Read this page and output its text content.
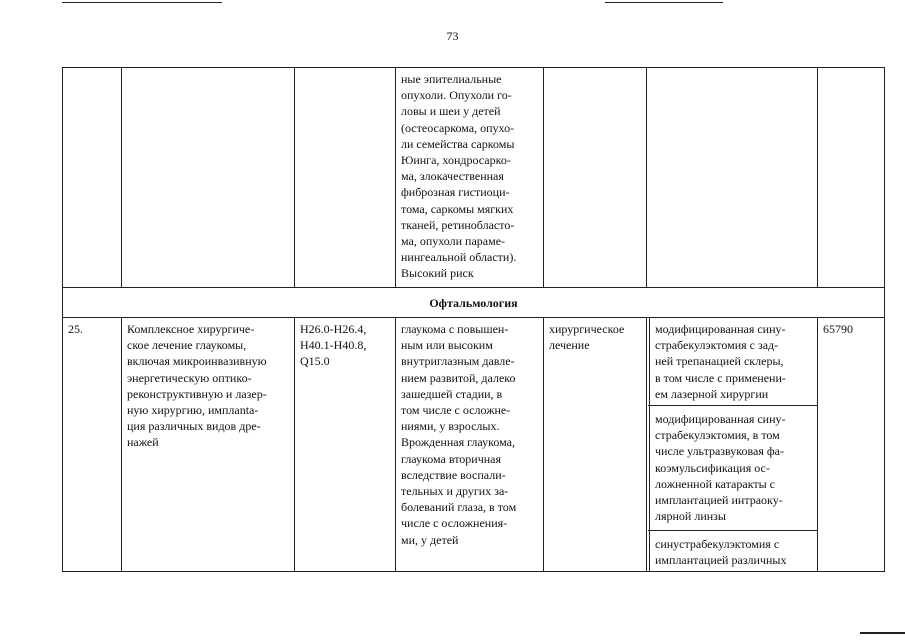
73
ные эпителиальные
опухоли. Опухоли го-
ловы и шеи у детей
(остеосаркома, опухо-
ли семейства саркомы
Юинга, хондросарко-
ма, злокачественная
фиброзная гистиоци-
тома, саркомы мягких
тканей, ретинобласто-
ма, опухоли параме-
нингеальной области).
Высокий риск
Офтальмология
25.	Комплексное хирургиче-
ское лечение глаукомы,
включая микроинвазивную
энергетическую оптико-
реконструктивную и лазер-
ную хирургию, имплanta-
ция различных видов дре-
нажей
H26.0-H26.4,
H40.1-H40.8,
Q15.0
глаукома с повышен-
ным или высоким
внутриглазным давле-
нием развитой, далеко
зашедшей стадии, в
том числе с осложне-
ниями, у взрослых.
Врожденная глаукома,
глаукома вторичная
вследствие воспали-
тельных и других за-
болеваний глаза, в том
числе с осложнения-
ми, у детей
хирургическое
лечение
модифицированная сину-
страбекулэктомия с зад-
ней трепанацией склеры,
в том числе с применени-
ем лазерной хирургии
модифицированная сину-
страбекулэктомия, в том
числе ультразвуковая фа-
коэмульсификация ос-
ложненной катаракты с
имплантацией интраоку-
лярной линзы
синустрабекулэктомия с
имплантацией различных
65790
